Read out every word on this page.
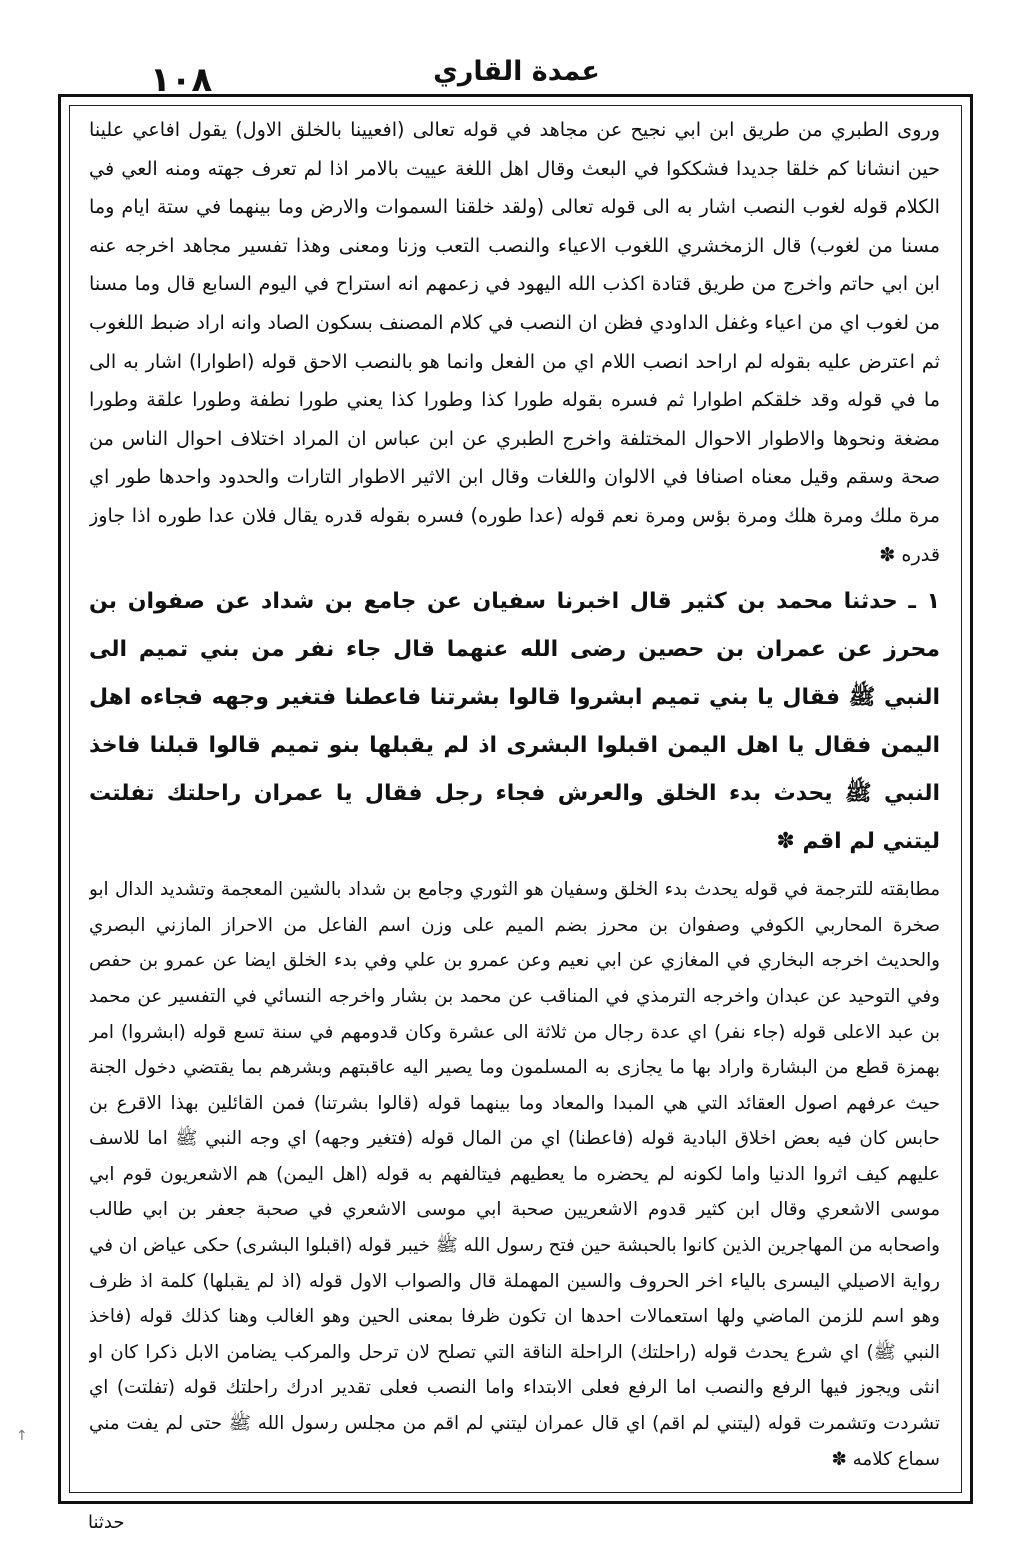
١٠٨	عمدة القاري

وروى الطبري من طريق ابن ابي نجيح عن مجاهد في قوله تعالى (افعيينا بالخلق الاول) يقول افاعي علينا حين انشانا كم خلقا جديدا فشككوا في البعث وقال اهل اللغة عييت بالامر اذا لم تعرف جهته ومنه العي في الكلام قوله لغوب النصب اشار به الى قوله تعالى (ولقد خلقنا السموات والارض وما بينهما في ستة ايام وما مسنا من لغوب) قال الزمخشري اللغوب الاعياء والنصب التعب وزنا ومعنى وهذا تفسير مجاهد اخرجه عنه ابن ابي حاتم واخرج من طريق قتادة اكذب الله اليهود في زعمهم انه استراح في اليوم السابع قال وما مسنا من لغوب اي من اعياء وغفل الداودي فظن ان النصب في كلام المصنف بسكون الصاد وانه اراد ضبط اللغوب ثم اعترض عليه بقوله لم اراحد انصب اللام اي من الفعل وانما هو بالنصب الاحق قوله (اطوارا) اشار به الى ما في قوله وقد خلقكم اطوارا ثم فسره بقوله طورا كذا وطورا كذا يعني طورا نطفة وطورا علقة وطورا مضغة ونحوها والاطوار الاحوال المختلفة واخرج الطبري عن ابن عباس ان المراد اختلاف احوال الناس من صحة وسقم وقيل معناه اصنافا في الالوان واللغات وقال ابن الاثير الاطوار التارات والحدود واحدها طور اي مرة ملك ومرة هلك ومرة بؤس ومرة نعم قوله (عدا طوره) فسره بقوله قدره يقال فلان عدا طوره اذا جاوز قدره ✽

١ ـ حدثنا محمد بن كثير قال اخبرنا سفيان عن جامع بن شداد عن صفوان بن محرز عن عمران بن حصين رضى الله عنهما قال جاء نفر من بني تميم الى النبي ﷺ فقال يا بني تميم ابشروا قالوا بشرتنا فاعطنا فتغير وجهه فجاءه اهل اليمن فقال يا اهل اليمن اقبلوا البشرى اذ لم يقبلها بنو تميم قالوا قبلنا فاخذ النبي ﷺ يحدث بدء الخلق والعرش فجاء رجل فقال يا عمران راحلتك تفلتت ليتني لم اقم ✽

مطابقته للترجمة في قوله يحدث بدء الخلق وسفيان هو الثوري وجامع بن شداد بالشين المعجمة وتشديد الدال ابو صخرة المحاربي الكوفي وصفوان بن محرز بضم الميم على وزن اسم الفاعل من الاحراز المازني البصري والحديث اخرجه البخاري في المغازي عن ابي نعيم وعن عمرو بن علي وفي بدء الخلق ايضا عن عمرو بن حفص وفي التوحيد عن عبدان واخرجه الترمذي في المناقب عن محمد بن بشار واخرجه النسائي في التفسير عن محمد بن عبد الاعلى قوله (جاء نفر) اي عدة رجال من ثلاثة الى عشرة وكان قدومهم في سنة تسع قوله (ابشروا) امر بهمزة قطع من البشارة واراد بها ما يجازى به المسلمون وما يصير اليه عاقبتهم وبشرهم بما يقتضي دخول الجنة حيث عرفهم اصول العقائد التي هي المبدا والمعاد وما بينهما قوله (قالوا بشرتنا) فمن القائلين بهذا الاقرع بن حابس كان فيه بعض اخلاق البادية قوله (فاعطنا) اي من المال قوله (فتغير وجهه) اي وجه النبي ﷺ اما للاسف عليهم كيف اثروا الدنيا واما لكونه لم يحضره ما يعطيهم فيتالفهم به قوله (اهل اليمن) هم الاشعريون قوم ابي موسى الاشعري وقال ابن كثير قدوم الاشعريين صحبة ابي موسى الاشعري في صحبة جعفر بن ابي طالب واصحابه من المهاجرين الذين كانوا بالحبشة حين فتح رسول الله ﷺ خيبر قوله (اقبلوا البشرى) حكى عياض ان في رواية الاصيلي اليسرى بالياء اخر الحروف والسين المهملة قال والصواب الاول قوله (اذ لم يقبلها) كلمة اذ ظرف وهو اسم للزمن الماضي ولها استعمالات احدها ان تكون ظرفا بمعنى الحين وهو الغالب وهنا كذلك قوله (فاخذ النبي ﷺ) اي شرع يحدث قوله (راحلتك) الراحلة الناقة التي تصلح لان ترحل والمركب يضامن الابل ذكرا كان او انثى ويجوز فيها الرفع والنصب اما الرفع فعلى الابتداء واما النصب فعلى تقدير ادرك راحلتك قوله (تفلتت) اي تشردت وتشمرت قوله (ليتني لم اقم) اي قال عمران ليتني لم اقم من مجلس رسول الله ﷺ حتى لم يفت مني سماع كلامه ✽

حدثنا
↑
